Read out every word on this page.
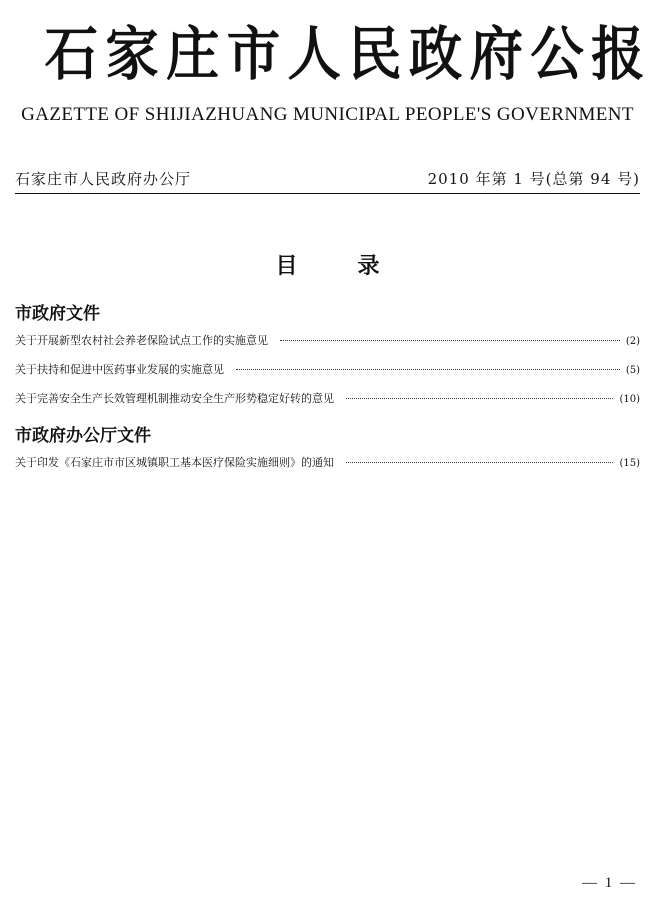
石家庄市人民政府公报
GAZETTE OF SHIJIAZHUANG MUNICIPAL PEOPLE'S GOVERNMENT
石家庄市人民政府办公厅	2010 年第 1 号(总第 94 号)
目录
市政府文件
关于开展新型农村社会养老保险试点工作的实施意见	(2)
关于扶持和促进中医药事业发展的实施意见	(5)
关于完善安全生产长效管理机制推动安全生产形势稳定好转的意见	(10)
市政府办公厅文件
关于印发《石家庄市市区城镇职工基本医疗保险实施细则》的通知	(15)
— 1 —
